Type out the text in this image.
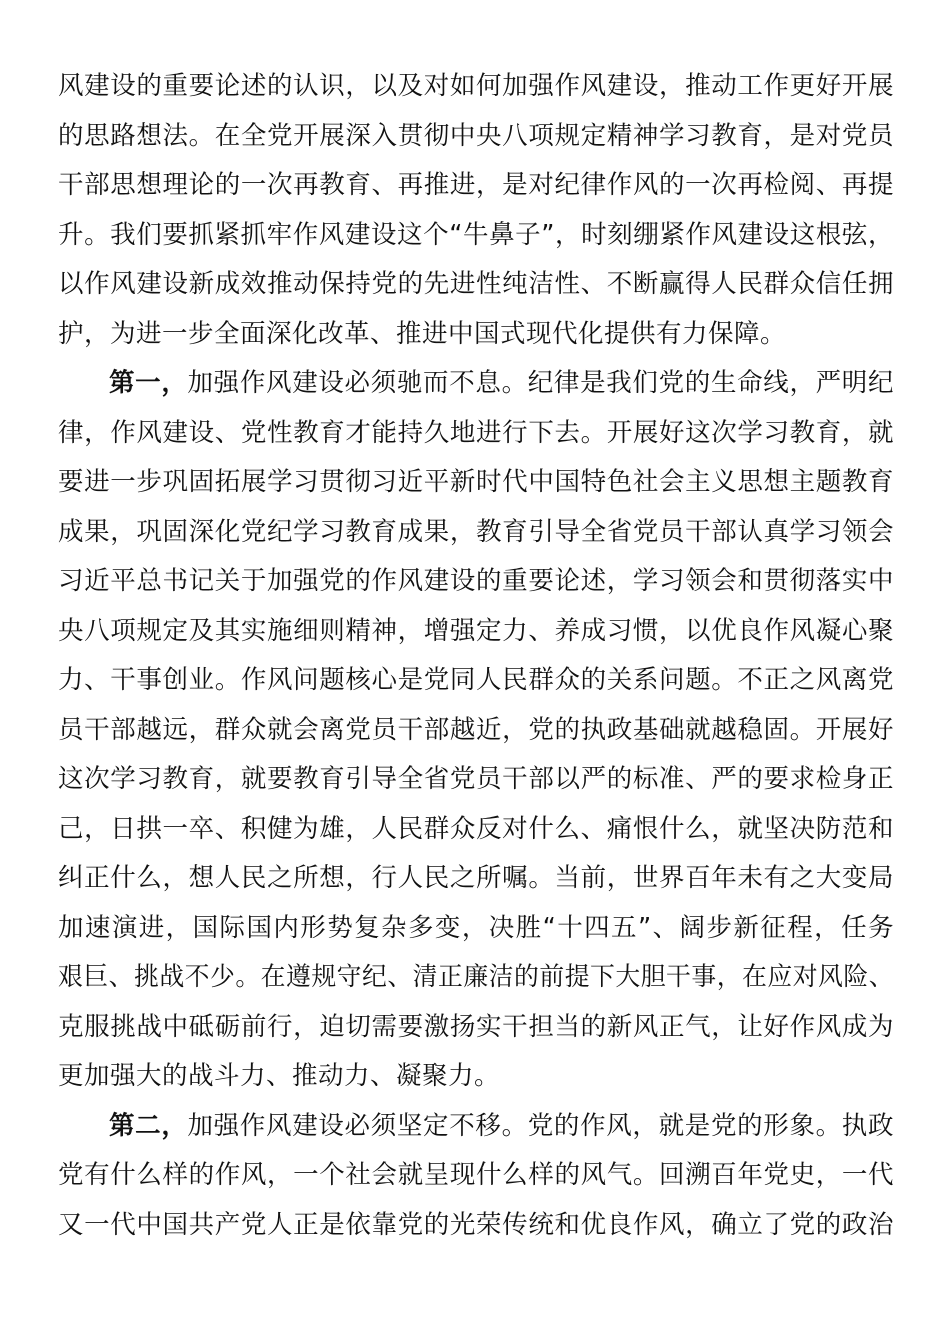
风建设的重要论述的认识，以及对如何加强作风建设，推动工作更好开展
的思路想法。在全党开展深入贯彻中央八项规定精神学习教育，是对党员
干部思想理论的一次再教育、再推进，是对纪律作风的一次再检阅、再提
升。我们要抓紧抓牢作风建设这个“牛鼻子”，时刻绷紧作风建设这根弦，
以作风建设新成效推动保持党的先进性纯洁性、不断赢得人民群众信任拥
护，为进一步全面深化改革、推进中国式现代化提供有力保障。
第一，加强作风建设必须驰而不息。纪律是我们党的生命线，严明纪
律，作风建设、党性教育才能持久地进行下去。开展好这次学习教育，就
要进一步巩固拓展学习贯彻习近平新时代中国特色社会主义思想主题教育
成果，巩固深化党纪学习教育成果，教育引导全省党员干部认真学习领会
习近平总书记关于加强党的作风建设的重要论述，学习领会和贯彻落实中
央八项规定及其实施细则精神，增强定力、养成习惯，以优良作风凝心聚
力、干事创业。作风问题核心是党同人民群众的关系问题。不正之风离党
员干部越远，群众就会离党员干部越近，党的执政基础就越稳固。开展好
这次学习教育，就要教育引导全省党员干部以严的标准、严的要求检身正
己，日拱一卒、积健为雄，人民群众反对什么、痛恨什么，就坚决防范和
纠正什么，想人民之所想，行人民之所嘱。当前，世界百年未有之大变局
加速演进，国际国内形势复杂多变，决胜“十四五”、阔步新征程，任务
艰巨、挑战不少。在遵规守纪、清正廉洁的前提下大胆干事，在应对风险、
克服挑战中砥砺前行，迫切需要激扬实干担当的新风正气，让好作风成为
更加强大的战斗力、推动力、凝聚力。
第二，加强作风建设必须坚定不移。党的作风，就是党的形象。执政
党有什么样的作风，一个社会就呈现什么样的风气。回溯百年党史，一代
又一代中国共产党人正是依靠党的光荣传统和优良作风，确立了党的政治
